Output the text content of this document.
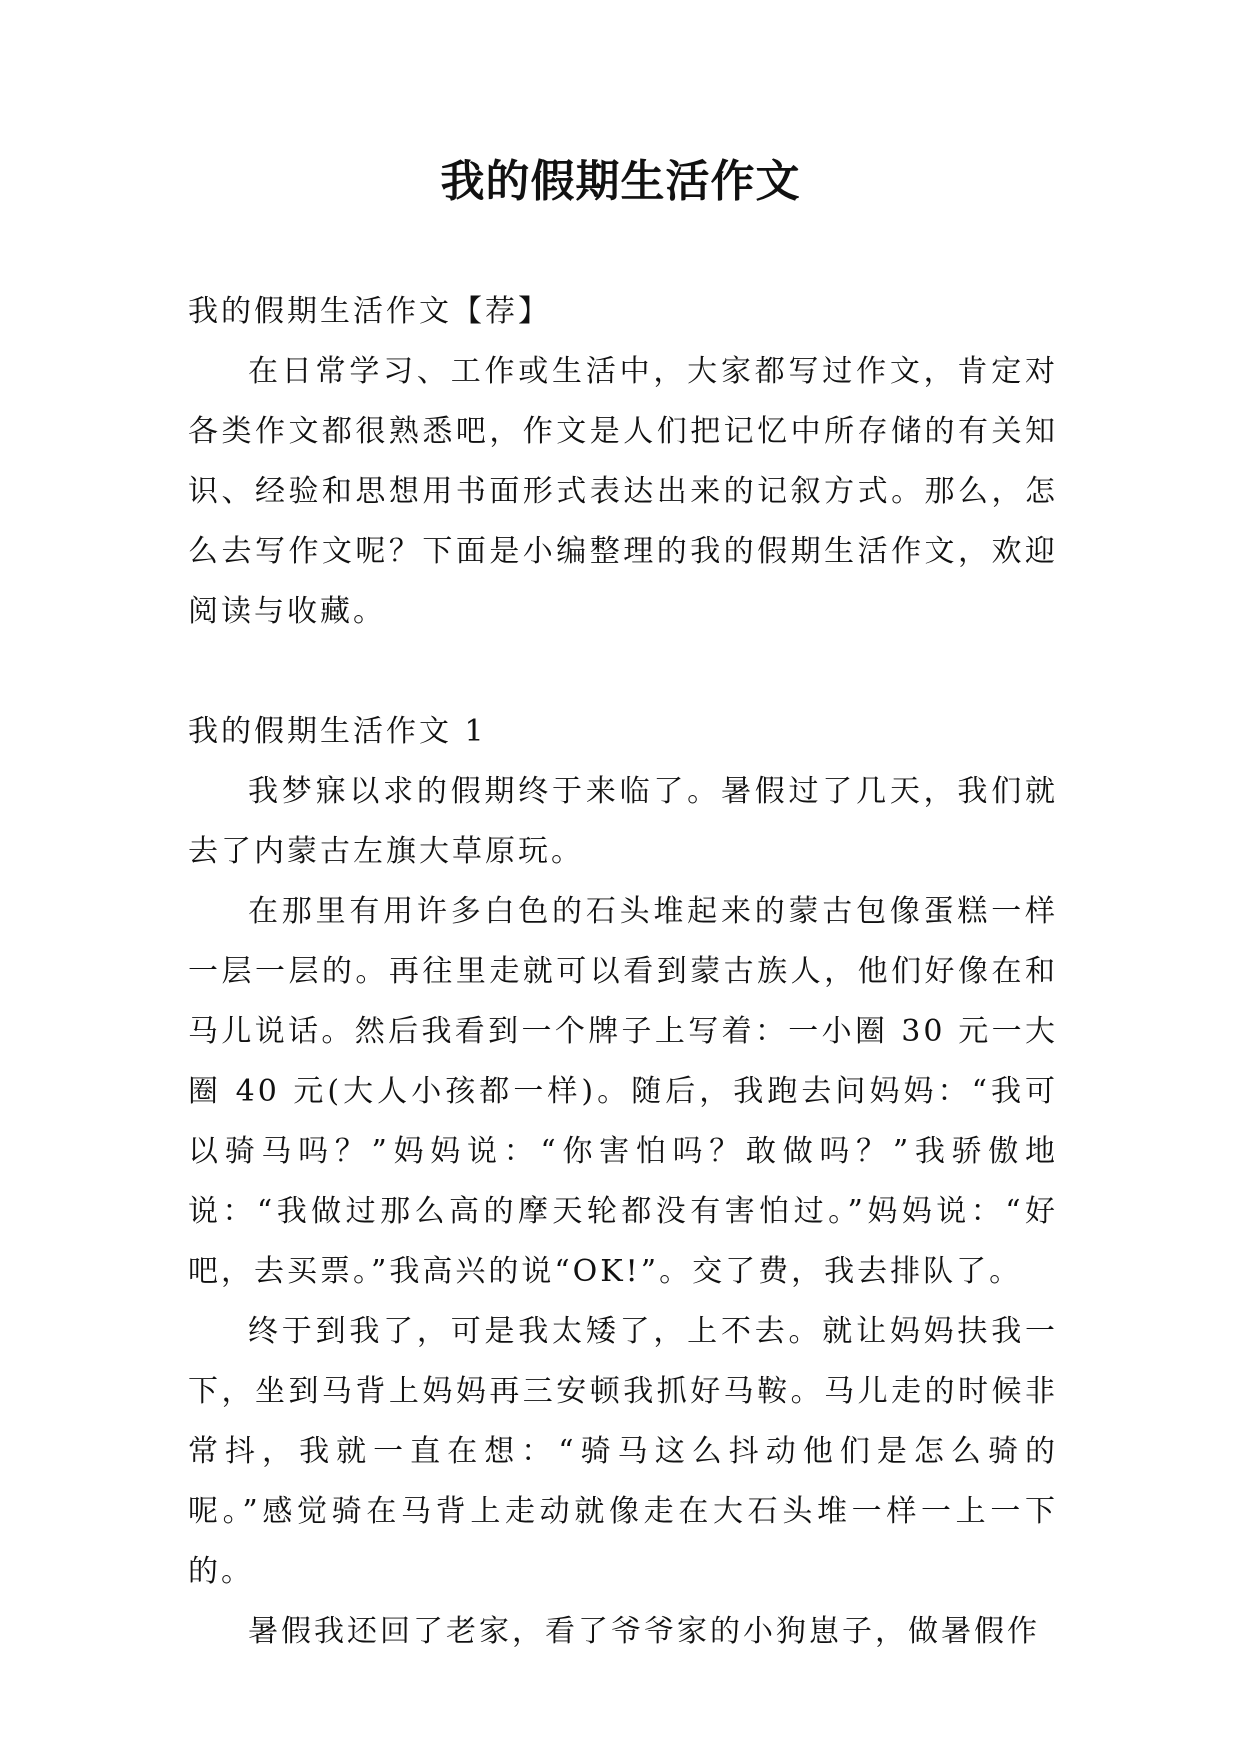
我的假期生活作文

我的假期生活作文【荐】

在日常学习、工作或生活中，大家都写过作文，肯定对各类作文都很熟悉吧，作文是人们把记忆中所存储的有关知识、经验和思想用书面形式表达出来的记叙方式。那么，怎么去写作文呢？下面是小编整理的我的假期生活作文，欢迎阅读与收藏。

我的假期生活作文 1

我梦寐以求的假期终于来临了。暑假过了几天，我们就去了内蒙古左旗大草原玩。

在那里有用许多白色的石头堆起来的蒙古包像蛋糕一样一层一层的。再往里走就可以看到蒙古族人，他们好像在和马儿说话。然后我看到一个牌子上写着：一小圈 30 元一大圈 40 元(大人小孩都一样)。随后，我跑去问妈妈：“我可以骑马吗？”妈妈说：“你害怕吗？敢做吗？”我骄傲地说：“我做过那么高的摩天轮都没有害怕过。”妈妈说：“好吧，去买票。”我高兴的说“OK!”。交了费，我去排队了。

终于到我了，可是我太矮了，上不去。就让妈妈扶我一下，坐到马背上妈妈再三安顿我抓好马鞍。马儿走的时候非常抖，我就一直在想：“骑马这么抖动他们是怎么骑的呢。”感觉骑在马背上走动就像走在大石头堆一样一上一下的。

暑假我还回了老家，看了爷爷家的小狗崽子，做暑假作
